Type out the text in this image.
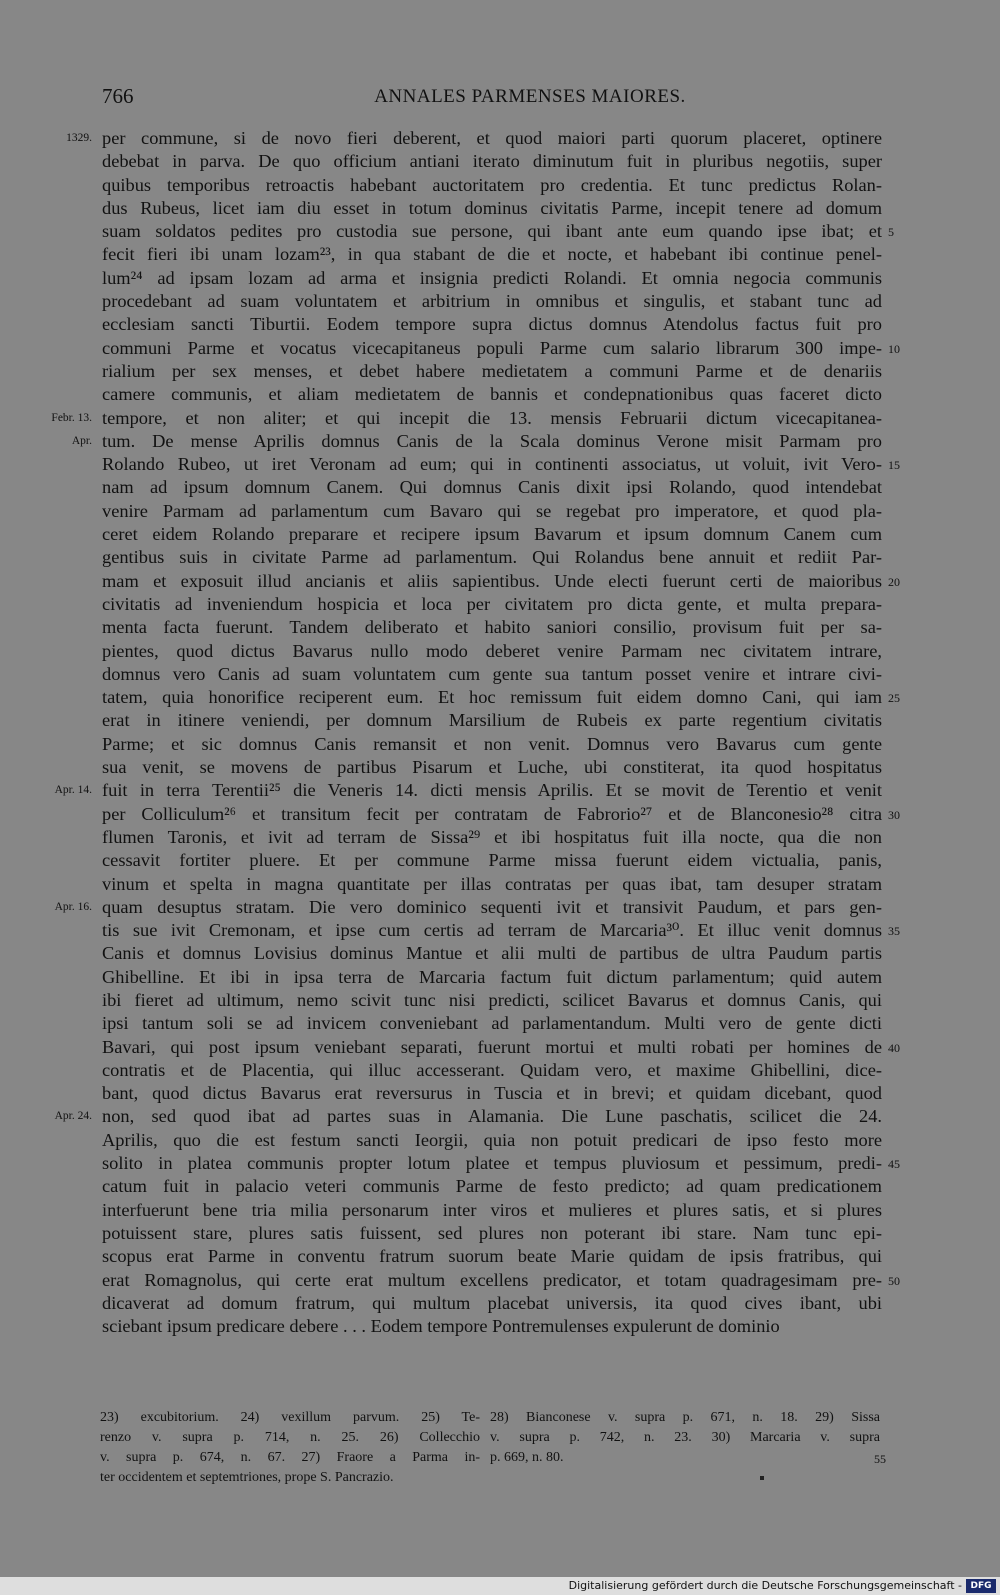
766	ANNALES PARMENSES MAIORES.
1329. per commune, si de novo fieri deberent, et quod maiori parti quorum placeret, optinere
debebat in parva. De quo officium antiani iterato diminutum fuit in pluribus negotiis, super
quibus temporibus retroactis habebant auctoritatem pro credentia. Et tunc predictus Rolan-
dus Rubeus, licet iam diu esset in totum dominus civitatis Parme, incepit tenere ad domum
suam soldatos pedites pro custodia sue persone, qui ibant ante eum quando ipse ibat; et 5
fecit fieri ibi unam lozam²³, in qua stabant de die et nocte, et habebant ibi continue penel-
lum²⁴ ad ipsam lozam ad arma et insignia predicti Rolandi. Et omnia negocia communis
procedebant ad suam voluntatem et arbitrium in omnibus et singulis, et stabant tunc ad
ecclesiam sancti Tiburtii. Eodem tempore supra dictus domnus Atendolus factus fuit pro
communi Parme et vocatus vicecapitaneus populi Parme cum salario librarum 300 impe- 10
rialium per sex menses, et debet habere medietatem a communi Parme et de denariis
camere communis, et aliam medietatem de bannis et condepnationibus quas faceret dicto
Febr. 13. tempore, et non aliter; et qui incepit die 13. mensis Februarii dictum vicecapitanea-
Apr. tum. De mense Aprilis domnus Canis de la Scala dominus Verone misit Parmam pro
Rolando Rubeo, ut iret Veronam ad eum; qui in continenti associatus, ut voluit, ivit Vero- 15
nam ad ipsum domnum Canem. Qui domnus Canis dixit ipsi Rolando, quod intendebat
venire Parmam ad parlamentum cum Bavaro qui se regebat pro imperatore, et quod pla-
ceret eidem Rolando preparare et recipere ipsum Bavarum et ipsum domnum Canem cum
gentibus suis in civitate Parme ad parlamentum. Qui Rolandus bene annuit et rediit Par-
mam et exposuit illud ancianis et aliis sapientibus. Unde electi fuerunt certi de maioribus 20
civitatis ad inveniendum hospicia et loca per civitatem pro dicta gente, et multa prepara-
menta facta fuerunt. Tandem deliberato et habito saniori consilio, provisum fuit per sa-
pientes, quod dictus Bavarus nullo modo deberet venire Parmam nec civitatem intrare,
domnus vero Canis ad suam voluntatem cum gente sua tantum posset venire et intrare civi-
tatem, quia honorifice reciperent eum. Et hoc remissum fuit eidem domno Cani, qui iam 25
erat in itinere veniendi, per domnum Marsilium de Rubeis ex parte regentium civitatis
Parme; et sic domnus Canis remansit et non venit. Domnus vero Bavarus cum gente
sua venit, se movens de partibus Pisarum et Luche, ubi constiterat, ita quod hospitatus
Apr. 14. fuit in terra Terentii²⁵ die Veneris 14. dicti mensis Aprilis. Et se movit de Terentio et venit
per Colliculum²⁶ et transitum fecit per contratam de Fabrorio²⁷ et de Blanconesio²⁸ citra 30
flumen Taronis, et ivit ad terram de Sissa²⁹ et ibi hospitatus fuit illa nocte, qua die non
cessavit fortiter pluere. Et per commune Parme missa fuerunt eidem victualia, panis,
vinum et spelta in magna quantitate per illas contratas per quas ibat, tam desuper stratam
Apr. 16. quam desuptus stratam. Die vero dominico sequenti ivit et transivit Paudum, et pars gen-
tis sue ivit Cremonam, et ipse cum certis ad terram de Marcaria³⁰. Et illuc venit domnus 35
Canis et domnus Lovisius dominus Mantue et alii multi de partibus de ultra Paudum partis
Ghibelline. Et ibi in ipsa terra de Marcaria factum fuit dictum parlamentum; quid autem
ibi fieret ad ultimum, nemo scivit tunc nisi predicti, scilicet Bavarus et domnus Canis, qui
ipsi tantum soli se ad invicem conveniebant ad parlamentandum. Multi vero de gente dicti
Bavari, qui post ipsum veniebant separati, fuerunt mortui et multi robati per homines de 40
contratis et de Placentia, qui illuc accesserant. Quidam vero, et maxime Ghibellini, dice-
bant, quod dictus Bavarus erat reversurus in Tuscia et in brevi; et quidam dicebant, quod
Apr. 24. non, sed quod ibat ad partes suas in Alamania. Die Lune paschatis, scilicet die 24.
Aprilis, quo die est festum sancti Ieorgii, quia non potuit predicari de ipso festo more
solito in platea communis propter lotum platee et tempus pluviosum et pessimum, predi- 45
catum fuit in palacio veteri communis Parme de festo predicto; ad quam predicationem
interfuerunt bene tria milia personarum inter viros et mulieres et plures satis, et si plures
potuissent stare, plures satis fuissent, sed plures non poterant ibi stare. Nam tunc epi-
scopus erat Parme in conventu fratrum suorum beate Marie quidam de ipsis fratribus, qui
erat Romagnolus, qui certe erat multum excellens predicator, et totam quadragesimam pre- 50
dicaverat ad domum fratrum, qui multum placebat universis, ita quod cives ibant, ubi
sciebant ipsum predicare debere . . . Eodem tempore Pontremulenses expulerunt de dominio
23) excubitorium. 24) vexillum parvum. 25) Te-
renzo v. supra p. 714, n. 25. 26) Collecchio
v. supra p. 674, n. 67. 27) Fraore a Parma in-
ter occidentem et septemtriones, prope S. Pancrazio.
28) Bianconese v. supra p. 671, n. 18. 29) Sissa
v. supra p. 742, n. 23. 30) Marcaria v. supra
p. 669, n. 80.	55
Digitalisierung gefördert durch die Deutsche Forschungsgemeinschaft - DFG
